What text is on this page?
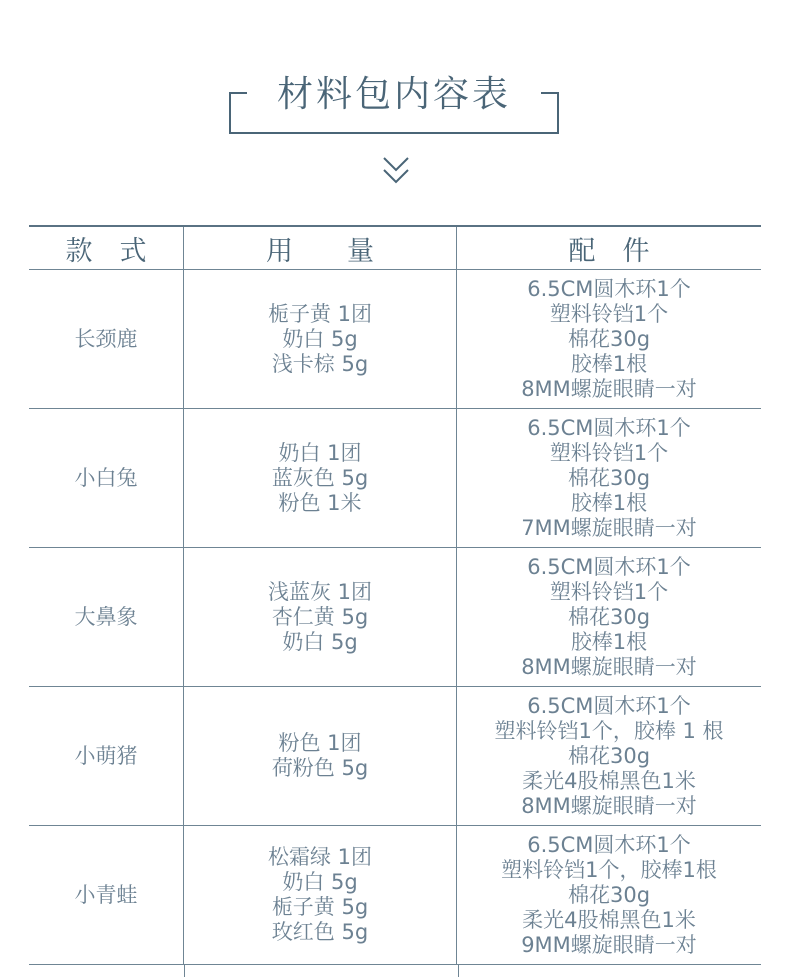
材料包内容表
款　式	用　　量	配　件
长颈鹿
栀子黄 1团
奶白 5g
浅卡棕 5g
6.5CM圆木环1个
塑料铃铛1个
棉花30g
胶棒1根
8MM螺旋眼睛一对
小白兔
奶白 1团
蓝灰色 5g
粉色 1米
6.5CM圆木环1个
塑料铃铛1个
棉花30g
胶棒1根
7MM螺旋眼睛一对
大鼻象
浅蓝灰 1团
杏仁黄 5g
奶白 5g
6.5CM圆木环1个
塑料铃铛1个
棉花30g
胶棒1根
8MM螺旋眼睛一对
小萌猪
粉色 1团
荷粉色 5g
6.5CM圆木环1个
塑料铃铛1个，胶棒 1 根
棉花30g
柔光4股棉黑色1米
8MM螺旋眼睛一对
小青蛙
松霜绿 1团
奶白 5g
栀子黄 5g
玫红色 5g
6.5CM圆木环1个
塑料铃铛1个，胶棒1根
棉花30g
柔光4股棉黑色1米
9MM螺旋眼睛一对
